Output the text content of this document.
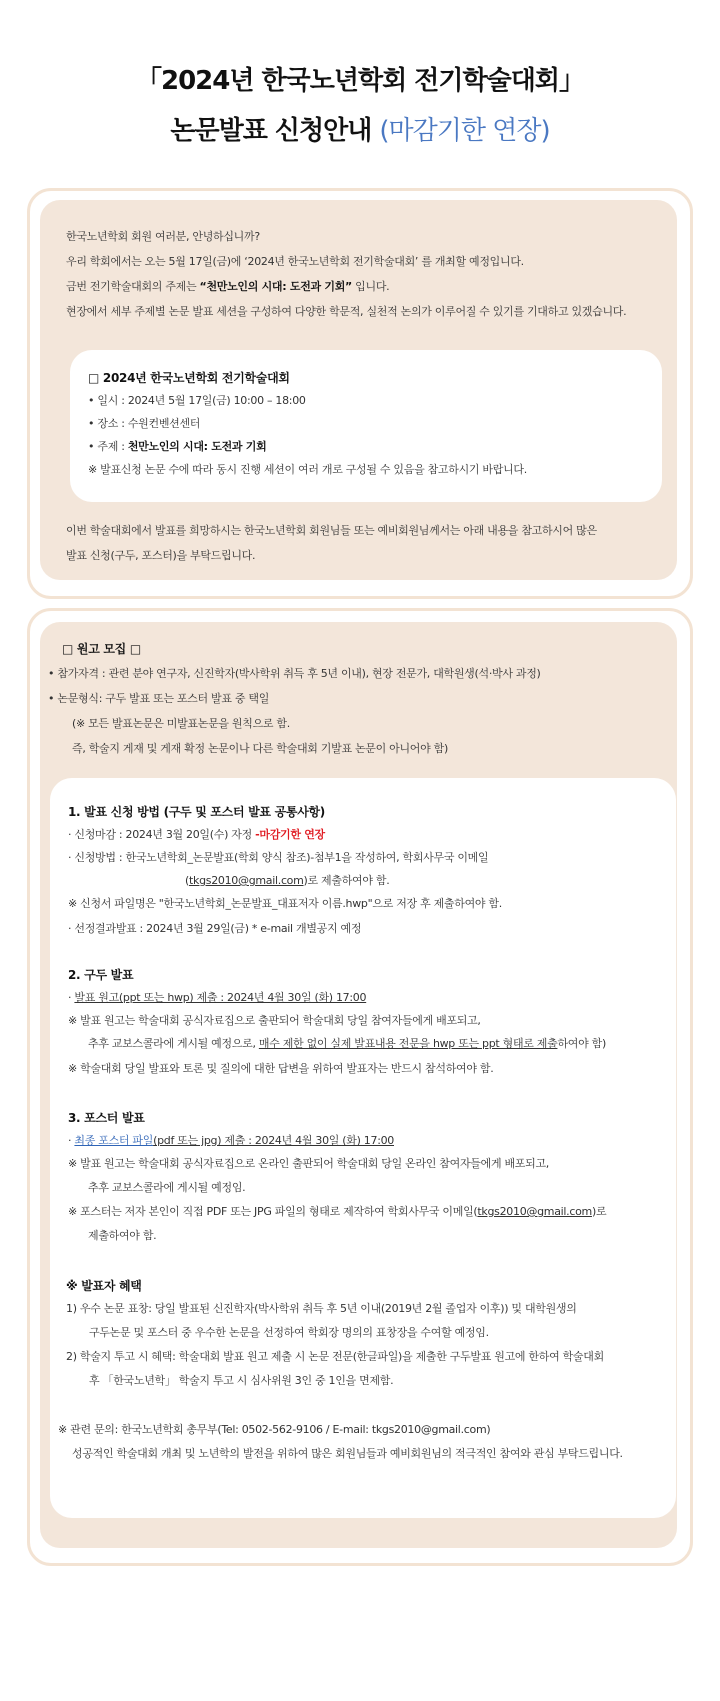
「2024년 한국노년학회 전기학술대회」
논문발표 신청안내 (마감기한 연장)
한국노년학회 회원 여러분, 안녕하십니까?
우리 학회에서는 오는 5월 17일(금)에 ‘2024년 한국노년학회 전기학술대회’ 를 개최할 예정입니다.
금번 전기학술대회의 주제는 “천만노인의 시대: 도전과 기회” 입니다.
현장에서 세부 주제별 논문 발표 세션을 구성하여 다양한 학문적, 실천적 논의가 이루어질 수 있기를 기대하고 있겠습니다.
□ 2024년 한국노년학회 전기학술대회
• 일시 : 2024년 5월 17일(금) 10:00 – 18:00
• 장소 : 수원컨벤션센터
• 주제 : 천만노인의 시대: 도전과 기회
※ 발표신청 논문 수에 따라 동시 진행 세션이 여러 개로 구성될 수 있음을 참고하시기 바랍니다.
이번 학술대회에서 발표를 희망하시는 한국노년학회 회원님들 또는 예비회원님께서는 아래 내용을 참고하시어 많은
발표 신청(구두, 포스터)을 부탁드립니다.
□ 원고 모집 □
• 참가자격 : 관련 분야 연구자, 신진학자(박사학위 취득 후 5년 이내), 현장 전문가, 대학원생(석·박사 과정)
• 논문형식: 구두 발표 또는 포스터 발표 중 택일
(※ 모든 발표논문은 미발표논문을 원칙으로 함.
즉, 학술지 게재 및 게재 확정 논문이나 다른 학술대회 기발표 논문이 아니어야 함)
1. 발표 신청 방법 (구두 및 포스터 발표 공통사항)
· 신청마감 : 2024년 3월 20일(수) 자정 -마감기한 연장
· 신청방법 : 한국노년학회_논문발표(학회 양식 참조)-첨부1을 작성하여, 학회사무국 이메일
(tkgs2010@gmail.com)로 제출하여야 함.
※ 신청서 파일명은 "한국노년학회_논문발표_대표저자 이름.hwp"으로 저장 후 제출하여야 함.
· 선정결과발표 : 2024년 3월 29일(금) * e-mail 개별공지 예정
2. 구두 발표
· 발표 원고(ppt 또는 hwp) 제출 : 2024년 4월 30일 (화) 17:00
※ 발표 원고는 학술대회 공식자료집으로 출판되어 학술대회 당일 참여자들에게 배포되고,
추후 교보스콜라에 게시될 예정으로, 매수 제한 없이 실제 발표내용 전문을 hwp 또는 ppt 형태로 제출하여야 함)
※ 학술대회 당일 발표와 토론 및 질의에 대한 답변을 위하여 발표자는 반드시 참석하여야 함.
3. 포스터 발표
· 최종 포스터 파일(pdf 또는 jpg) 제출 : 2024년 4월 30일 (화) 17:00
※ 발표 원고는 학술대회 공식자료집으로 온라인 출판되어 학술대회 당일 온라인 참여자들에게 배포되고,
추후 교보스콜라에 게시될 예정임.
※ 포스터는 저자 본인이 직접 PDF 또는 JPG 파일의 형태로 제작하여 학회사무국 이메일(tkgs2010@gmail.com)로
제출하여야 함.
※ 발표자 혜택
1) 우수 논문 표창: 당일 발표된 신진학자(박사학위 취득 후 5년 이내(2019년 2월 졸업자 이후)) 및 대학원생의
구두논문 및 포스터 중 우수한 논문을 선정하여 학회장 명의의 표창장을 수여할 예정임.
2) 학술지 투고 시 혜택: 학술대회 발표 원고 제출 시 논문 전문(한글파일)을 제출한 구두발표 원고에 한하여 학술대회
후 「한국노년학」 학술지 투고 시 심사위원 3인 중 1인을 면제함.
※ 관련 문의: 한국노년학회 총무부(Tel: 0502-562-9106 / E-mail: tkgs2010@gmail.com)
성공적인 학술대회 개최 및 노년학의 발전을 위하여 많은 회원님들과 예비회원님의 적극적인 참여와 관심 부탁드립니다.
